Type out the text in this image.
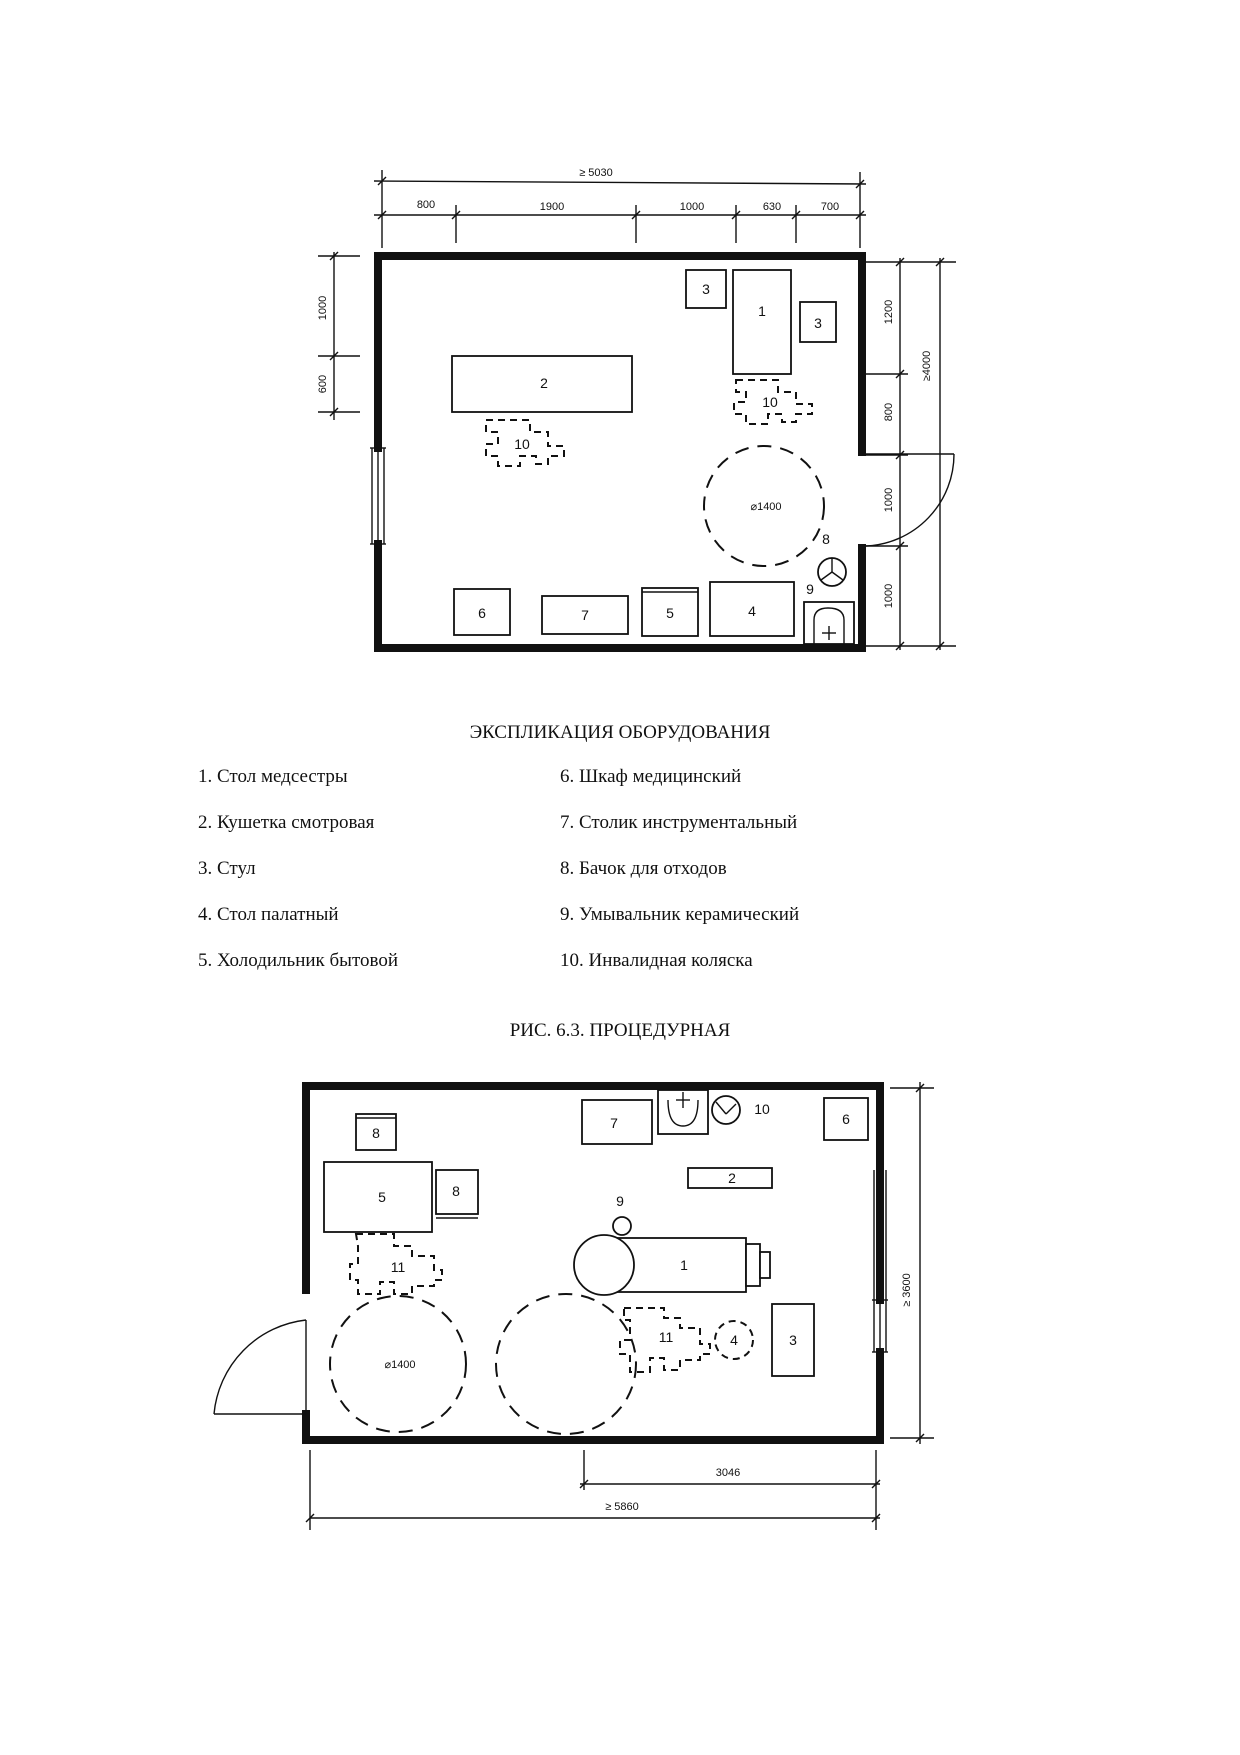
≥ 5030
800	1900	1000	630	700
1000
600
1200
800
1000
1000
≥4000
3
1
3
2
10
10
⌀1400
8
9
6	7	5	4
≥ 3600
3046
≥ 5860
8
5	8
7
10
6
2
9
1
11
11	4	3
⌀1400
ЭКСПЛИКАЦИЯ ОБОРУДОВАНИЯ
1. Стол медсестры
2. Кушетка смотровая
3. Стул
4. Стол палатный
5. Холодильник бытовой
6. Шкаф медицинский
7. Столик инструментальный
8. Бачок для отходов
9. Умывальник керамический
10. Инвалидная коляска
РИС. 6.3. ПРОЦЕДУРНАЯ
